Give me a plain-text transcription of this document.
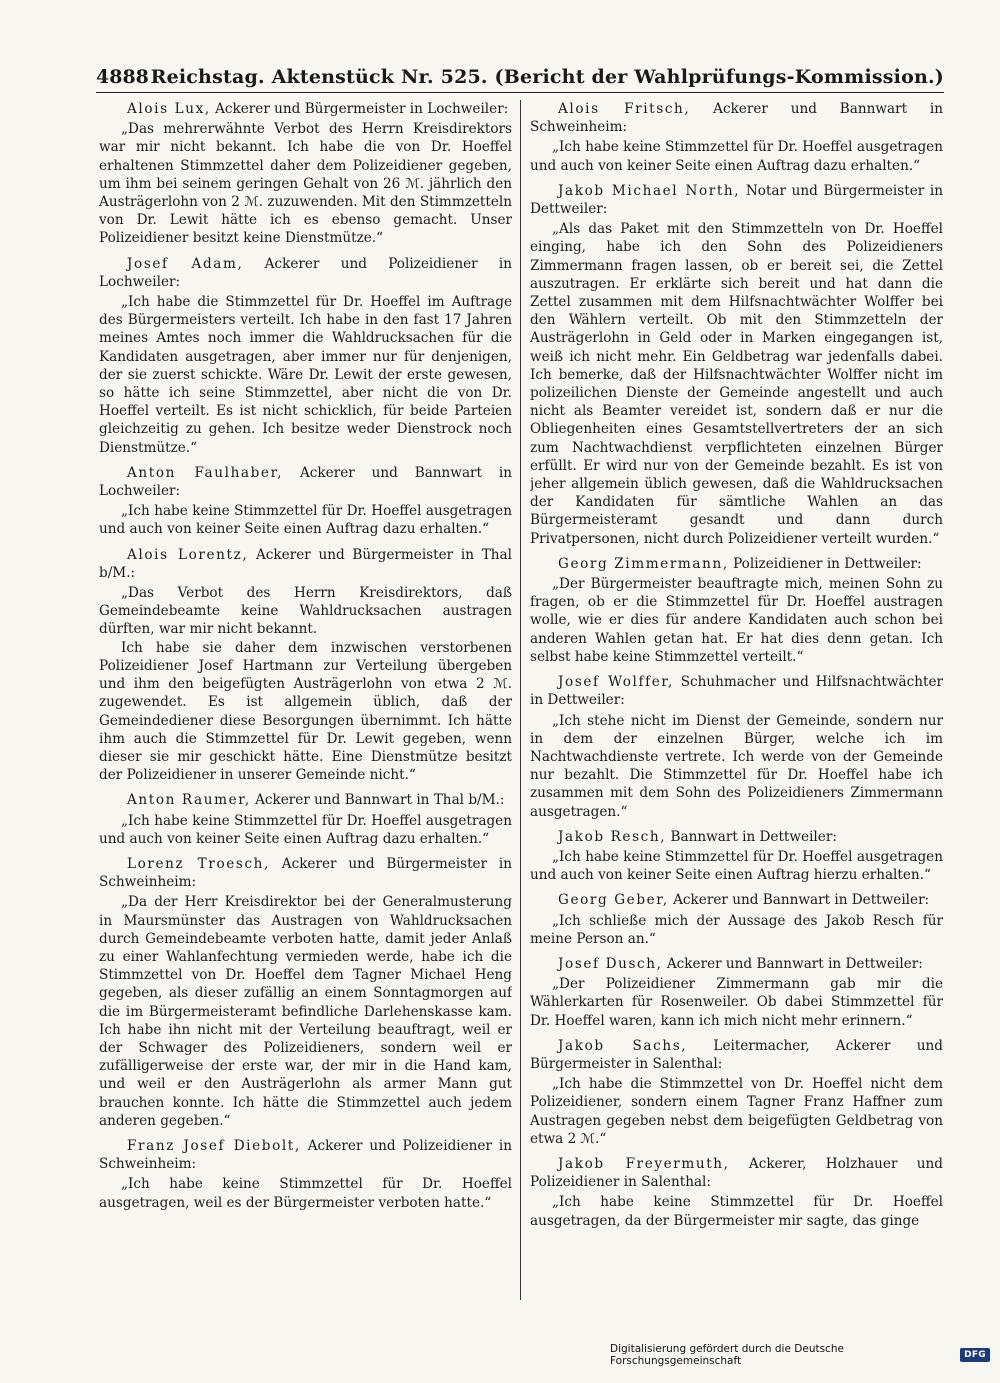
4888 Reichstag. Aktenstück Nr. 525. (Bericht der Wahlprüfungs-Kommission.)

Alois Lux, Ackerer und Bürgermeister in Lochweiler:

„Das mehrerwähnte Verbot des Herrn Kreisdirektors war mir nicht bekannt. Ich habe die von Dr. Hoeffel erhaltenen Stimmzettel daher dem Polizeidiener gegeben, um ihm bei seinem geringen Gehalt von 26 ℳ. jährlich den Austrägerlohn von 2 ℳ. zuzuwenden. Mit den Stimmzetteln von Dr. Lewit hätte ich es ebenso gemacht. Unser Polizeidiener besitzt keine Dienstmütze.“

Josef Adam, Ackerer und Polizeidiener in Lochweiler:

„Ich habe die Stimmzettel für Dr. Hoeffel im Auftrage des Bürgermeisters verteilt. Ich habe in den fast 17 Jahren meines Amtes noch immer die Wahldrucksachen für die Kandidaten ausgetragen, aber immer nur für denjenigen, der sie zuerst schickte. Wäre Dr. Lewit der erste gewesen, so hätte ich seine Stimmzettel, aber nicht die von Dr. Hoeffel verteilt. Es ist nicht schicklich, für beide Parteien gleichzeitig zu gehen. Ich besitze weder Dienstrock noch Dienstmütze.“

Anton Faulhaber, Ackerer und Bannwart in Lochweiler:

„Ich habe keine Stimmzettel für Dr. Hoeffel ausgetragen und auch von keiner Seite einen Auftrag dazu erhalten.“

Alois Lorentz, Ackerer und Bürgermeister in Thal b/M.:

„Das Verbot des Herrn Kreisdirektors, daß Gemeindebeamte keine Wahldrucksachen austragen dürften, war mir nicht bekannt.

Ich habe sie daher dem inzwischen verstorbenen Polizeidiener Josef Hartmann zur Verteilung übergeben und ihm den beigefügten Austrägerlohn von etwa 2 ℳ. zugewendet. Es ist allgemein üblich, daß der Gemeindediener diese Besorgungen übernimmt. Ich hätte ihm auch die Stimmzettel für Dr. Lewit gegeben, wenn dieser sie mir geschickt hätte. Eine Dienstmütze besitzt der Polizeidiener in unserer Gemeinde nicht.“

Anton Raumer, Ackerer und Bannwart in Thal b/M.:

„Ich habe keine Stimmzettel für Dr. Hoeffel ausgetragen und auch von keiner Seite einen Auftrag dazu erhalten.“

Lorenz Troesch, Ackerer und Bürgermeister in Schweinheim:

„Da der Herr Kreisdirektor bei der Generalmusterung in Maursmünster das Austragen von Wahldrucksachen durch Gemeindebeamte verboten hatte, damit jeder Anlaß zu einer Wahlanfechtung vermieden werde, habe ich die Stimmzettel von Dr. Hoeffel dem Tagner Michael Heng gegeben, als dieser zufällig an einem Sonntagmorgen auf die im Bürgermeisteramt befindliche Darlehenskasse kam. Ich habe ihn nicht mit der Verteilung beauftragt, weil er der Schwager des Polizeidieners, sondern weil er zufälligerweise der erste war, der mir in die Hand kam, und weil er den Austrägerlohn als armer Mann gut brauchen konnte. Ich hätte die Stimmzettel auch jedem anderen gegeben.“

Franz Josef Diebolt, Ackerer und Polizeidiener in Schweinheim:

„Ich habe keine Stimmzettel für Dr. Hoeffel ausgetragen, weil es der Bürgermeister verboten hatte.“

Alois Fritsch, Ackerer und Bannwart in Schweinheim:

„Ich habe keine Stimmzettel für Dr. Hoeffel ausgetragen und auch von keiner Seite einen Auftrag dazu erhalten.“

Jakob Michael North, Notar und Bürgermeister in Dettweiler:

„Als das Paket mit den Stimmzetteln von Dr. Hoeffel einging, habe ich den Sohn des Polizeidieners Zimmermann fragen lassen, ob er bereit sei, die Zettel auszutragen. Er erklärte sich bereit und hat dann die Zettel zusammen mit dem Hilfsnachtwächter Wolffer bei den Wählern verteilt. Ob mit den Stimmzetteln der Austrägerlohn in Geld oder in Marken eingegangen ist, weiß ich nicht mehr. Ein Geldbetrag war jedenfalls dabei. Ich bemerke, daß der Hilfsnachtwächter Wolffer nicht im polizeilichen Dienste der Gemeinde angestellt und auch nicht als Beamter vereidet ist, sondern daß er nur die Obliegenheiten eines Gesamtstellvertreters der an sich zum Nachtwachdienst verpflichteten einzelnen Bürger erfüllt. Er wird nur von der Gemeinde bezahlt. Es ist von jeher allgemein üblich gewesen, daß die Wahldrucksachen der Kandidaten für sämtliche Wahlen an das Bürgermeisteramt gesandt und dann durch Privatpersonen, nicht durch Polizeidiener verteilt wurden.“

Georg Zimmermann, Polizeidiener in Dettweiler:

„Der Bürgermeister beauftragte mich, meinen Sohn zu fragen, ob er die Stimmzettel für Dr. Hoeffel austragen wolle, wie er dies für andere Kandidaten auch schon bei anderen Wahlen getan hat. Er hat dies denn getan. Ich selbst habe keine Stimmzettel verteilt.“

Josef Wolffer, Schuhmacher und Hilfsnachtwächter in Dettweiler:

„Ich stehe nicht im Dienst der Gemeinde, sondern nur in dem der einzelnen Bürger, welche ich im Nachtwachdienste vertrete. Ich werde von der Gemeinde nur bezahlt. Die Stimmzettel für Dr. Hoeffel habe ich zusammen mit dem Sohn des Polizeidieners Zimmermann ausgetragen.“

Jakob Resch, Bannwart in Dettweiler:

„Ich habe keine Stimmzettel für Dr. Hoeffel ausgetragen und auch von keiner Seite einen Auftrag hierzu erhalten.“

Georg Geber, Ackerer und Bannwart in Dettweiler:

„Ich schließe mich der Aussage des Jakob Resch für meine Person an.“

Josef Dusch, Ackerer und Bannwart in Dettweiler:

„Der Polizeidiener Zimmermann gab mir die Wählerkarten für Rosenweiler. Ob dabei Stimmzettel für Dr. Hoeffel waren, kann ich mich nicht mehr erinnern.“

Jakob Sachs, Leitermacher, Ackerer und Bürgermeister in Salenthal:

„Ich habe die Stimmzettel von Dr. Hoeffel nicht dem Polizeidiener, sondern einem Tagner Franz Haffner zum Austragen gegeben nebst dem beigefügten Geldbetrag von etwa 2 ℳ.“

Jakob Freyermuth, Ackerer, Holzhauer und Polizeidiener in Salenthal:

„Ich habe keine Stimmzettel für Dr. Hoeffel ausgetragen, da der Bürgermeister mir sagte, das ginge

Digitalisierung gefördert durch die Deutsche Forschungsgemeinschaft	DFG
